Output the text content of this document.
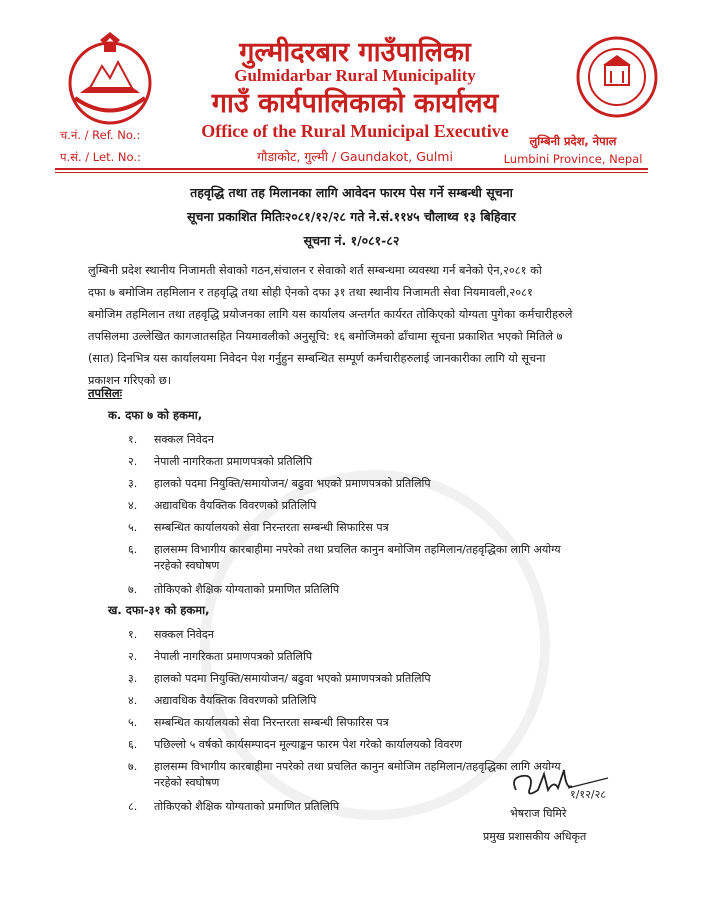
गुल्मीदरबार गाउँपालिका
Gulmidarbar Rural Municipality
गाउँ कार्यपालिकाको कार्यालय
Office of the Rural Municipal Executive
गौडाकोट, गुल्मी / Gaundakot, Gulmi
च.नं. / Ref. No.:
प.सं. / Let. No.:
लुम्बिनी प्रदेश, नेपाल
Lumbini Province, Nepal
तहवृद्धि तथा तह मिलानका लागि आवेदन फारम पेस गर्ने सम्बन्धी सूचना
सूचना प्रकाशित मितिः२०८१/१२/२८ गते ने.सं.११४५ चौलाथ्व १३ बिहिवार
सूचना नं. १/०८१-८२
लुम्बिनी प्रदेश स्थानीय निजामती सेवाको गठन,संचालन र सेवाको शर्त सम्बन्धमा व्यवस्था गर्न बनेको ऐन,२०८१ को
दफा ७ बमोजिम तहमिलान र तहवृद्धि तथा सोही ऐनको दफा ३१ तथा स्थानीय निजामती सेवा नियमावली,२०८१
बमोजिम तहमिलान तथा तहवृद्धि प्रयोजनका लागि यस कार्यालय अन्तर्गत कार्यरत तोकिएको योग्यता पुगेका कर्मचारीहरुले
तपसिलमा उल्लेखित कागजातसहित नियमावलीको अनुसूचि: १६ बमोजिमको ढाँचामा सूचना प्रकाशित भएको मितिले ७
(सात) दिनभित्र यस कार्यालयमा निवेदन पेश गर्नुहुन सम्बन्धित सम्पूर्ण कर्मचारीहरुलाई जानकारीका लागि यो सूचना
प्रकाशन गरिएको छ।
तपसिलः
क. दफा ७ को हकमा,
१. सक्कल निवेदन
२. नेपाली नागरिकता प्रमाणपत्रको प्रतिलिपि
३. हालको पदमा नियुक्ति/समायोजन/ बढुवा भएको प्रमाणपत्रको प्रतिलिपि
४. अद्यावधिक वैयक्तिक विवरणको प्रतिलिपि
५. सम्बन्धित कार्यालयको सेवा निरन्तरता सम्बन्धी सिफारिस पत्र
६. हालसम्म विभागीय कारबाहीमा नपरेको तथा प्रचलित कानुन बमोजिम तहमिलान/तहवृद्धिका लागि अयोग्य
नरहेको स्वघोषण
७. तोकिएको शैक्षिक योग्यताको प्रमाणित प्रतिलिपि
ख. दफा-३१ को हकमा,
१. सक्कल निवेदन
२. नेपाली नागरिकता प्रमाणपत्रको प्रतिलिपि
३. हालको पदमा नियुक्ति/समायोजन/ बढुवा भएको प्रमाणपत्रको प्रतिलिपि
४. अद्यावधिक वैयक्तिक विवरणको प्रतिलिपि
५. सम्बन्धित कार्यालयको सेवा निरन्तरता सम्बन्धी सिफारिस पत्र
६. पछिल्लो ५ वर्षको कार्यसम्पादन मूल्याङ्कन फारम पेश गरेको कार्यालयको विवरण
७. हालसम्म विभागीय कारबाहीमा नपरेको तथा प्रचलित कानुन बमोजिम तहमिलान/तहवृद्धिका लागि अयोग्य
नरहेको स्वघोषण
८. तोकिएको शैक्षिक योग्यताको प्रमाणित प्रतिलिपि
१/१२/२८
भेषराज घिमिरे
प्रमुख प्रशासकीय अधिकृत
